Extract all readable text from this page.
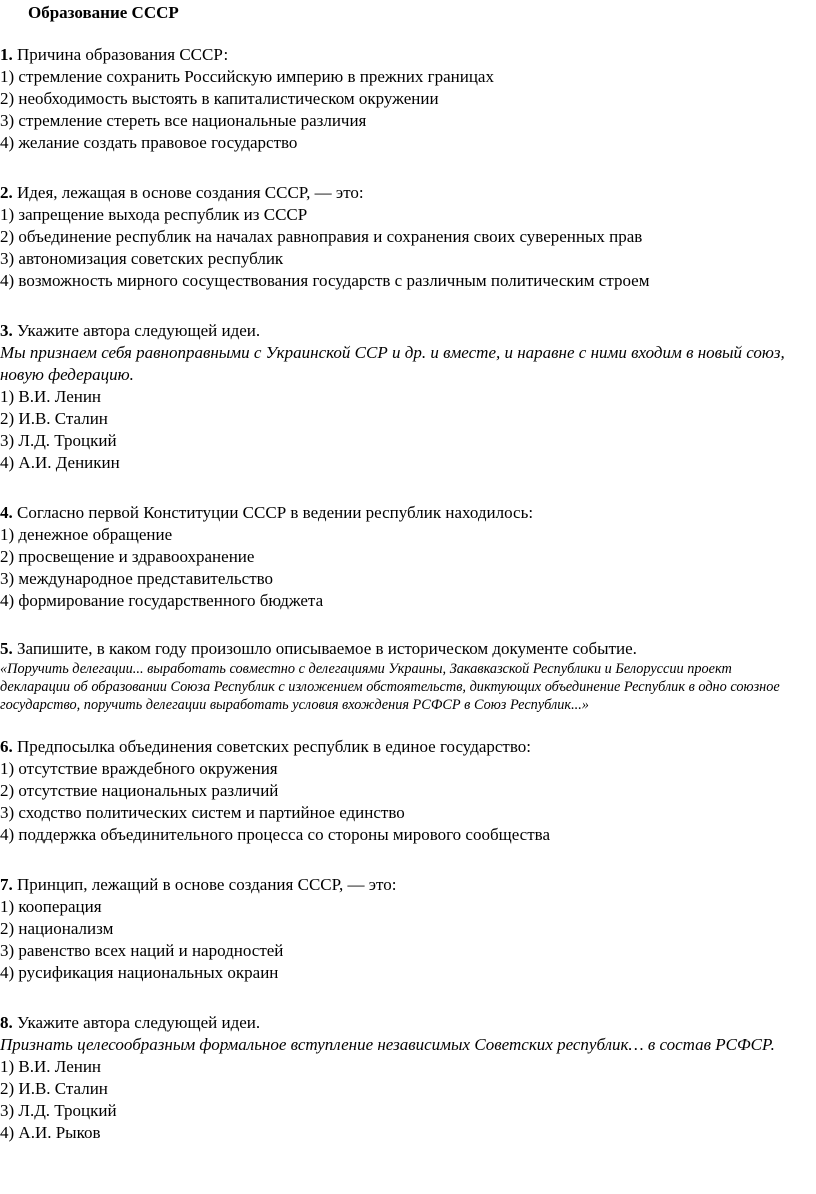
Образование СССР
1. Причина образования СССР:
1) стремление сохранить Российскую империю в прежних границах
2) необходимость выстоять в капиталистическом окружении
3) стремление стереть все национальные различия
4) желание создать правовое государство
2. Идея, лежащая в основе создания СССР, — это:
1) запрещение выхода республик из СССР
2) объединение республик на началах равноправия и сохранения своих суверенных прав
3) автономизация советских республик
4) возможность мирного сосуществования государств с различным политическим строем
3. Укажите автора следующей идеи.
Мы признаем себя равноправными с Украинской ССР и др. и вместе, и наравне с ними входим в новый союз, новую федерацию.
1) В.И. Ленин
2) И.В. Сталин
3) Л.Д. Троцкий
4) А.И. Деникин
4. Согласно первой Конституции СССР в ведении республик находилось:
1) денежное обращение
2) просвещение и здравоохранение
3) международное представительство
4) формирование государственного бюджета
5. Запишите, в каком году произошло описываемое в историческом документе событие.
«Поручить делегации... выработать совместно с делегациями Украины, Закавказской Республики и Белоруссии проект декларации об образовании Союза Республик с изложением обстоятельств, диктующих объединение Республик в одно союзное государство, поручить делегации выработать условия вхождения РСФСР в Союз Республик...»
6. Предпосылка объединения советских республик в единое государство:
1) отсутствие враждебного окружения
2) отсутствие национальных различий
3) сходство политических систем и партийное единство
4) поддержка объединительного процесса со стороны мирового сообщества
7. Принцип, лежащий в основе создания СССР, — это:
1) кооперация
2) национализм
3) равенство всех наций и народностей
4) русификация национальных окраин
8. Укажите автора следующей идеи.
Признать целесообразным формальное вступление независимых Советских республик… в состав РСФСР.
1) В.И. Ленин
2) И.В. Сталин
3) Л.Д. Троцкий
4) А.И. Рыков
